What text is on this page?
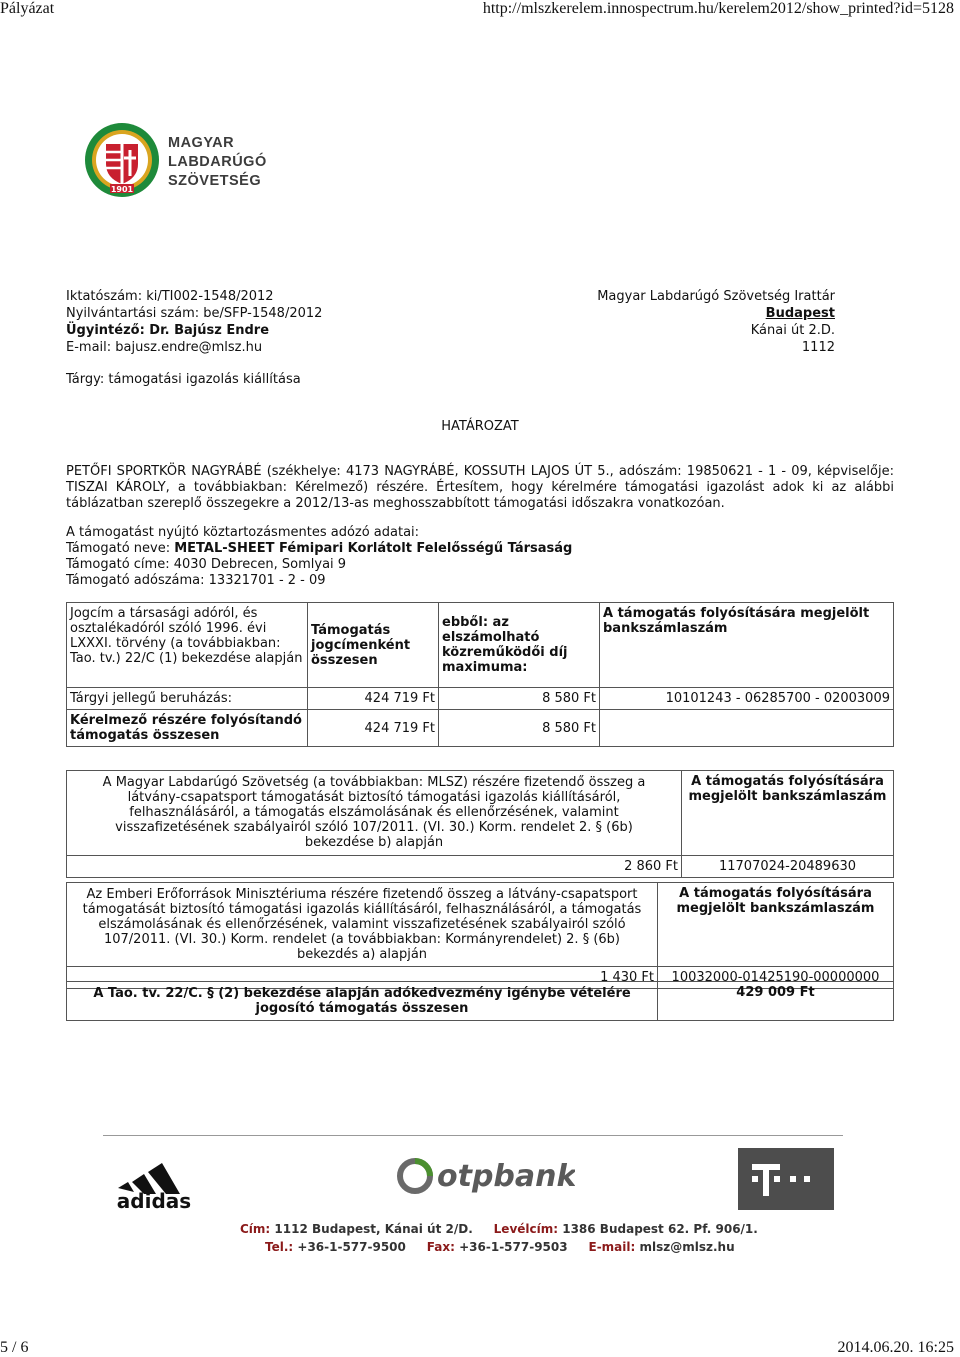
Pályázat	http://mlszkerelem.innospectrum.hu/kerelem2012/show_printed?id=5128
1901
MAGYAR
LABDARÚGÓ
SZÖVETSÉG
Iktatószám: ki/TI002-1548/2012
Nyilvántartási szám: be/SFP-1548/2012
Ügyintéző: Dr. Bajúsz Endre
E-mail: bajusz.endre@mlsz.hu
Magyar Labdarúgó Szövetség Irattár
Budapest
Kánai út 2.D.
1112
Tárgy: támogatási igazolás kiállítása
HATÁROZAT
PETŐFI SPORTKÖR NAGYRÁBÉ (székhelye: 4173 NAGYRÁBÉ, KOSSUTH LAJOS ÚT 5., adószám: 19850621 - 1 - 09, képviselője: TISZAI KÁROLY, a továbbiakban: Kérelmező) részére. Értesítem, hogy kérelmére támogatási igazolást adok ki az alábbi táblázatban szereplő összegekre a 2012/13-as meghosszabbított támogatási időszakra vonatkozóan.
A támogatást nyújtó köztartozásmentes adózó adatai:
Támogató neve: METAL-SHEET Fémipari Korlátolt Felelősségű Társaság
Támogató címe: 4030 Debrecen, Somlyai 9
Támogató adószáma: 13321701 - 2 - 09
Jogcím a társasági adóról, és osztalékadóról szóló 1996. évi LXXXI. törvény (a továbbiakban: Tao. tv.) 22/C (1) bekezdése alapján	Támogatás jogcímenként összesen	ebből: az elszámolható közreműködői díj maximuma:	A támogatás folyósítására megjelölt bankszámlaszám
Tárgyi jellegű beruházás:	424 719 Ft	8 580 Ft	10101243 - 06285700 - 02003009
Kérelmező részére folyósítandó támogatás összesen	424 719 Ft	8 580 Ft	
A Magyar Labdarúgó Szövetség (a továbbiakban: MLSZ) részére fizetendő összeg a látvány-csapatsport támogatását biztosító támogatási igazolás kiállításáról, felhasználásáról, a támogatás elszámolásának és ellenőrzésének, valamint visszafizetésének szabályairól szóló 107/2011. (VI. 30.) Korm. rendelet 2. § (6b) bekezdése b) alapján	A támogatás folyósítására megjelölt bankszámlaszám
2 860 Ft	11707024-20489630
Az Emberi Erőforrások Minisztériuma részére fizetendő összeg a látvány-csapatsport támogatását biztosító támogatási igazolás kiállításáról, felhasználásáról, a támogatás elszámolásának és ellenőrzésének, valamint visszafizetésének szabályairól szóló 107/2011. (VI. 30.) Korm. rendelet (a továbbiakban: Kormányrendelet) 2. § (6b) bekezdés a) alapján	A támogatás folyósítására megjelölt bankszámlaszám
1 430 Ft	10032000-01425190-00000000
A Tao. tv. 22/C. § (2) bekezdése alapján adókedvezmény igénybe vételére jogosító támogatás összesen	429 009 Ft
adidas
otpbank
Cím: 1112 Budapest, Kánai út 2/D. Levélcím: 1386 Budapest 62. Pf. 906/1.
Tel.: +36-1-577-9500 Fax: +36-1-577-9503 E-mail: mlsz@mlsz.hu
5 / 6	2014.06.20. 16:25
